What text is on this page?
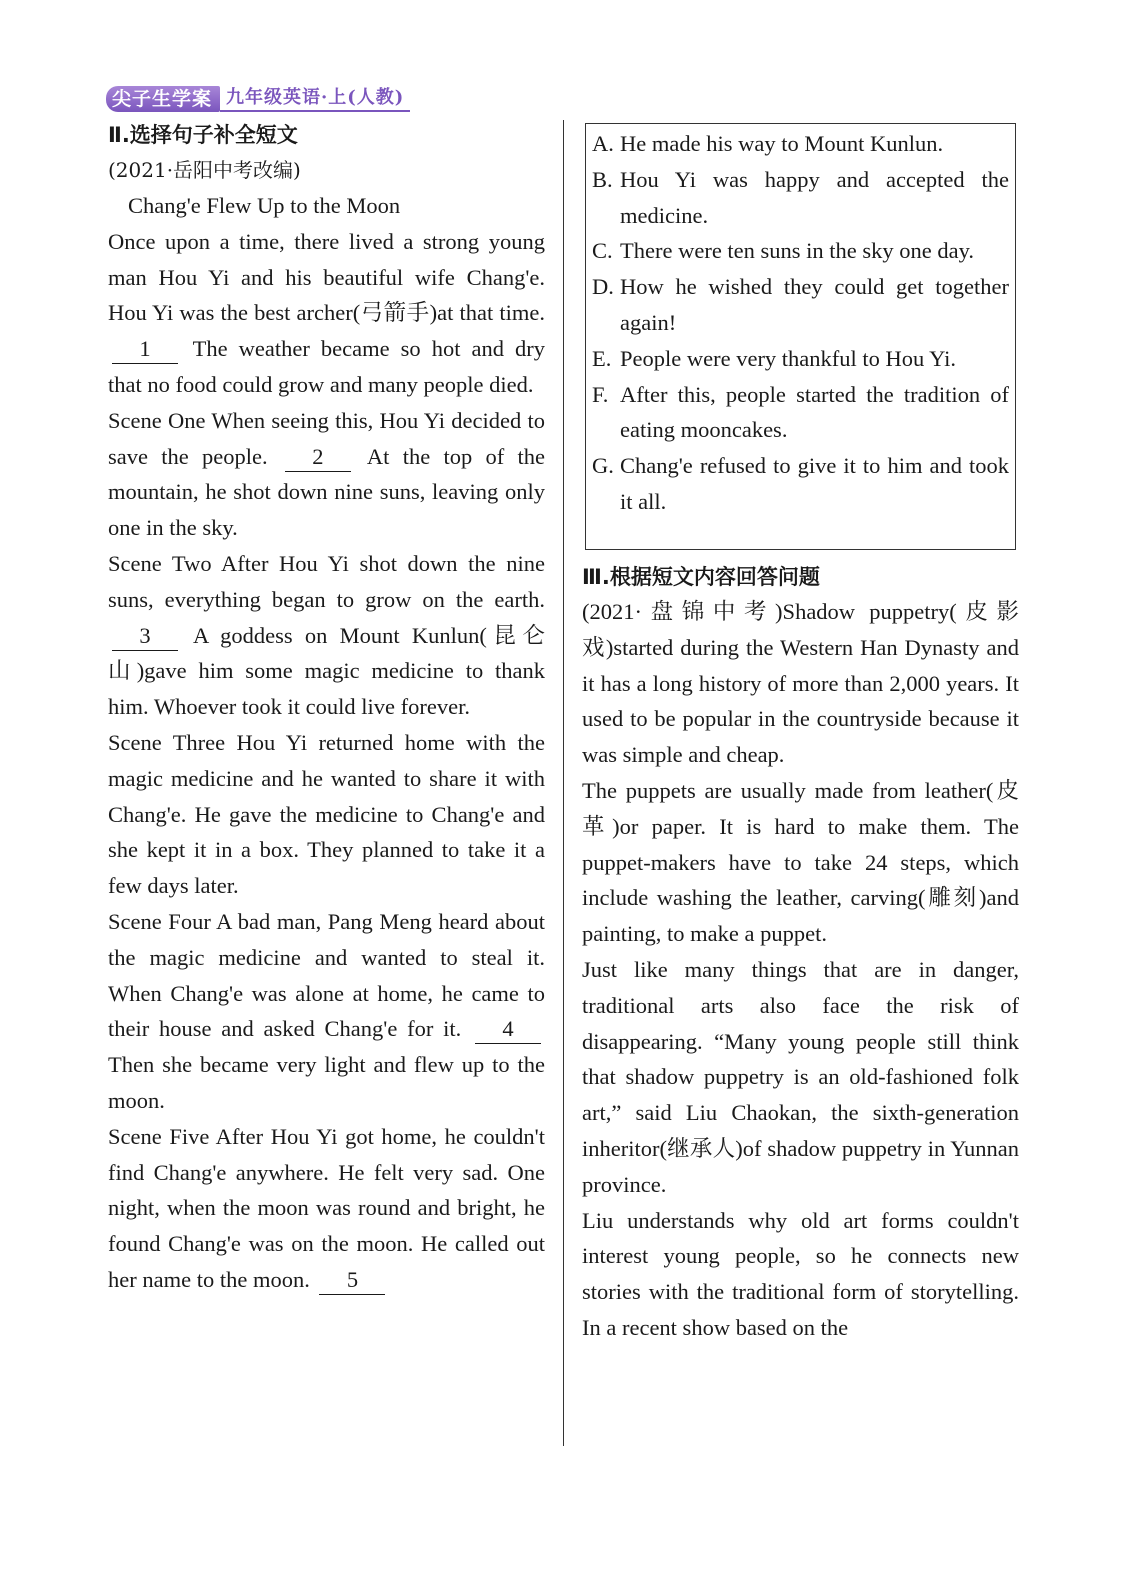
尖子生学案 九年级英语·上(人教)
Ⅱ.选择句子补全短文

(2021·岳阳中考改编)

Chang'e Flew Up to the Moon

Once upon a time, there lived a strong young man Hou Yi and his beautiful wife Chang'e. Hou Yi was the best archer(弓箭手)at that time. 1 The weather became so hot and dry that no food could grow and many people died.

Scene One When seeing this, Hou Yi decided to save the people. 2 At the top of the mountain, he shot down nine suns, leaving only one in the sky.

Scene Two After Hou Yi shot down the nine suns, everything began to grow on the earth. 3 A goddess on Mount Kunlun(昆仑山)gave him some magic medicine to thank him. Whoever took it could live forever.

Scene Three Hou Yi returned home with the magic medicine and he wanted to share it with Chang'e. He gave the medicine to Chang'e and she kept it in a box. They planned to take it a few days later.

Scene Four A bad man, Pang Meng heard about the magic medicine and wanted to steal it. When Chang'e was alone at home, he came to their house and asked Chang'e for it. 4 Then she became very light and flew up to the moon.

Scene Five After Hou Yi got home, he couldn't find Chang'e anywhere. He felt very sad. One night, when the moon was round and bright, he found Chang'e was on the moon. He called out her name to the moon. 5

A. He made his way to Mount Kunlun.
B. Hou Yi was happy and accepted the medicine.
C. There were ten suns in the sky one day.
D. How he wished they could get together again!
E. People were very thankful to Hou Yi.
F. After this, people started the tradition of eating mooncakes.
G. Chang'e refused to give it to him and took it all.
Ⅲ.根据短文内容回答问题

(2021·盘锦中考)Shadow puppetry(皮影戏)started during the Western Han Dynasty and it has a long history of more than 2,000 years. It used to be popular in the countryside because it was simple and cheap.

The puppets are usually made from leather(皮革)or paper. It is hard to make them. The puppet-makers have to take 24 steps, which include washing the leather, carving(雕刻)and painting, to make a puppet.

Just like many things that are in danger, traditional arts also face the risk of disappearing. “Many young people still think that shadow puppetry is an old-fashioned folk art,” said Liu Chaokan, the sixth-generation inheritor(继承人)of shadow puppetry in Yunnan province.

Liu understands why old art forms couldn't interest young people, so he connects new stories with the traditional form of storytelling. In a recent show based on the
